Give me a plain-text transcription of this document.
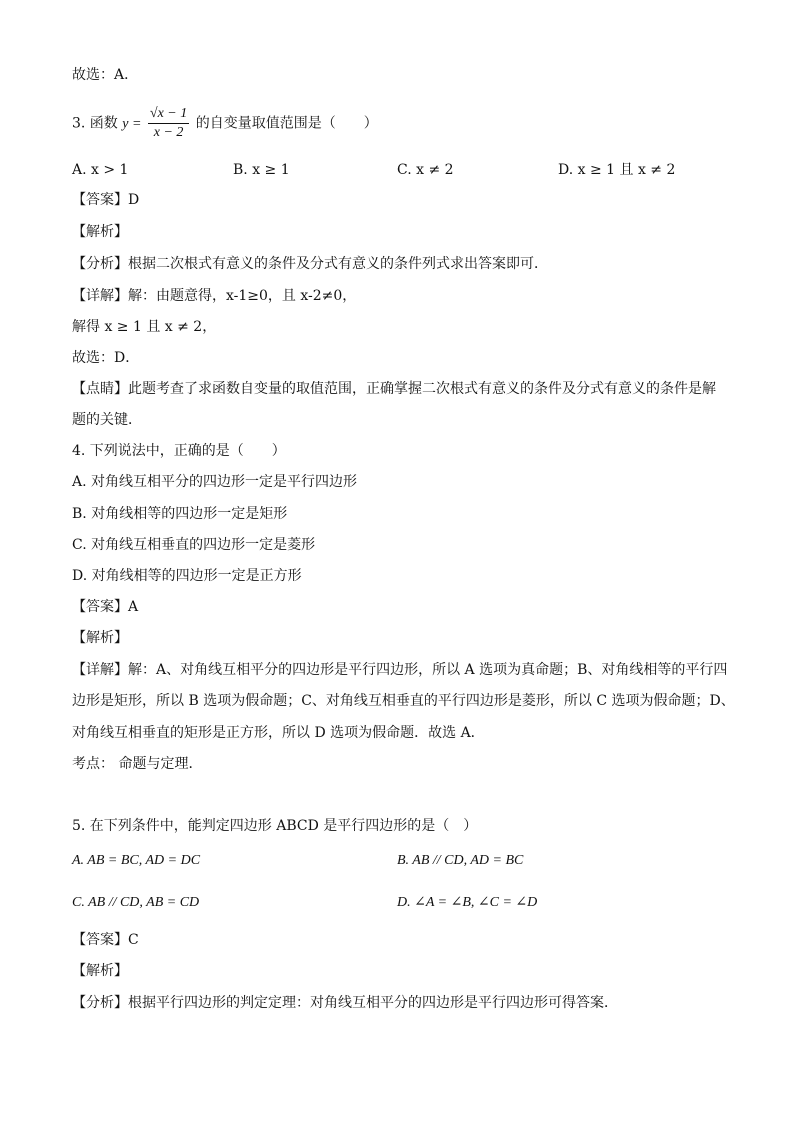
故选：A．
3. 函数 $y = \frac{√x - 1}{x - 2}$ 的自变量取值范围是（　　）
A. x > 1	B. x ≥ 1	C. x ≠ 2	D. x ≥ 1 且 x ≠ 2
【答案】D
【解析】
【分析】根据二次根式有意义的条件及分式有意义的条件列式求出答案即可．
【详解】解：由题意得，x-1≥0，且 x-2≠0，
解得 x ≥ 1 且 x ≠ 2，
故选：D．
【点睛】此题考查了求函数自变量的取值范围，正确掌握二次根式有意义的条件及分式有意义的条件是解
题的关键．
4. 下列说法中，正确的是（　　）
A. 对角线互相平分的四边形一定是平行四边形
B. 对角线相等的四边形一定是矩形
C. 对角线互相垂直的四边形一定是菱形
D. 对角线相等的四边形一定是正方形
【答案】A
【解析】
【详解】解：A、对角线互相平分的四边形是平行四边形，所以 A 选项为真命题；B、对角线相等的平行四
边形是矩形，所以 B 选项为假命题；C、对角线互相垂直的平行四边形是菱形，所以 C 选项为假命题；D、
对角线互相垂直的矩形是正方形，所以 D 选项为假命题．故选 A．
考点： 命题与定理．
5. 在下列条件中，能判定四边形 ABCD 是平行四边形的是（　）
A. AB = BC, AD = DC	B. AB // CD, AD = BC
C. AB // CD, AB = CD	D. ∠A = ∠B, ∠C = ∠D
【答案】C
【解析】
【分析】根据平行四边形的判定定理：对角线互相平分的四边形是平行四边形可得答案．
